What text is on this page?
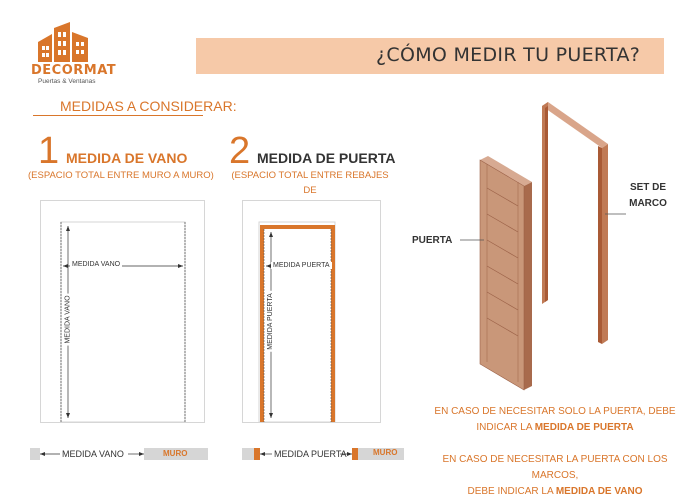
DECORMAT
Puertas & Ventanas
¿CÓMO MEDIR TU PUERTA?
MEDIDAS A CONSIDERAR:
1 MEDIDA DE VANO
(ESPACIO TOTAL ENTRE MURO A MURO)
MEDIDA VANO
MEDIDA VANO
2 MEDIDA DE PUERTA
(ESPACIO TOTAL ENTRE REBAJES DE
MEDIDA PUERTA
MEDIDA PUERTA
MEDIDA VANO	MURO	MEDIDA PUERTA	MURO
PUERTA
SET DE
MARCO
EN CASO DE NECESITAR SOLO LA PUERTA, DEBE
INDICAR LA MEDIDA DE PUERTA
EN CASO DE NECESITAR LA PUERTA CON LOS MARCOS,
DEBE INDICAR LA MEDIDA DE VANO
